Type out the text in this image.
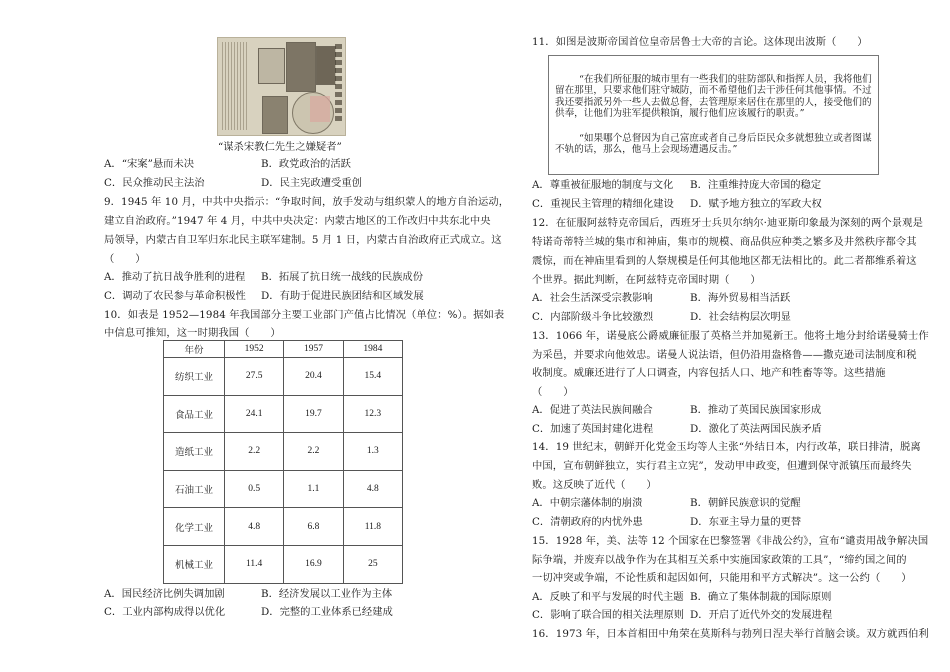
“谋杀宋教仁先生之嫌疑者”
A．“宋案”悬而未决	B．政党政治的活跃
C．民众推动民主法治	D．民主宪政遭受重创
9．1945 年 10 月，中共中央指示：“争取时间，放手发动与组织蒙人的地方自治运动，
建立自治政府。”1947 年 4 月，中共中央决定：内蒙古地区的工作改归中共东北中央
局领导，内蒙古自卫军归东北民主联军建制。5 月 1 日，内蒙古自治政府正式成立。这
（　　）
A．推动了抗日战争胜利的进程 B．拓展了抗日统一战线的民族成份
C．调动了农民参与革命积极性 D．有助于促进民族团结和区域发展
10．如表是 1952—1984 年我国部分主要工业部门产值占比情况（单位：%）。据如表
中信息可推知，这一时期我国（　　）
年份	1952	1957	1984
纺织工业	27.5	20.4	15.4
食品工业	24.1	19.7	12.3
造纸工业	2.2	2.2	1.3
石油工业	0.5	1.1	4.8
化学工业	4.8	6.8	11.8
机械工业	11.4	16.9	25
A．国民经济比例失调加剧	B．经济发展以工业作为主体
C．工业内部构成得以优化	D．完整的工业体系已经建成
11．如图是波斯帝国首位皇帝居鲁士大帝的言论。这体现出波斯（　　）

“在我们所征服的城市里有一些我们的驻防部队和指挥人员，我将他们留在那里，只要求他们驻守城防，而不希望他们去干涉任何其他事情。不过我还要指派另外一些人去做总督，去管理原来居住在那里的人，接受他们的供奉，让他们为驻军提供粮饷，履行他们应该履行的职责。”

“如果哪个总督因为自己富庶或者自己身后臣民众多就想独立或者图谋不轨的话，那么，他马上会现场遭遇反击。”

A．尊重被征服地的制度与文化 B．注重维持庞大帝国的稳定
C．重视民主管理的精细化建设 D．赋予地方独立的军政大权
12．在征服阿兹特克帝国后，西班牙士兵贝尔纳尔·迪亚斯印象最为深刻的两个景观是
特诺奇蒂特兰城的集市和神庙，集市的规模、商品供应种类之繁多及井然秩序都令其
震惊，而在神庙里看到的人祭规模是任何其他地区都无法相比的。此二者都维系着这
个世界。据此判断，在阿兹特克帝国时期（　　）
A．社会生活深受宗教影响	B．海外贸易相当活跃
C．内部阶级斗争比较激烈	D．社会结构层次明显
13．1066 年，诺曼底公爵威廉征服了英格兰并加冕新王。他将土地分封给诺曼骑士作
为采邑，并要求向他效忠。诺曼人说法语，但仍沿用盎格鲁——撒克逊司法制度和税
收制度。威廉还进行了人口调查，内容包括人口、地产和牲畜等等。这些措施
（　　）
A．促进了英法民族间融合	B．推动了英国民族国家形成
C．加速了英国封建化进程	D．激化了英法两国民族矛盾
14．19 世纪末，朝鲜开化党金玉均等人主张“外结日本，内行改革，联日排清，脱离
中国，宣布朝鲜独立，实行君主立宪”，发动甲申政变，但遭到保守派镇压而最终失
败。这反映了近代（　　）
A．中朝宗藩体制的崩溃	B．朝鲜民族意识的觉醒
C．清朝政府的内忧外患	D．东亚主导力量的更替
15．1928 年，美、法等 12 个国家在巴黎签署《非战公约》，宣布“谴责用战争解决国
际争端，并废弃以战争作为在其相互关系中实施国家政策的工具”，“缔约国之间的
一切冲突或争端，不论性质和起因如何，只能用和平方式解决”。这一公约（　　）
A．反映了和平与发展的时代主题 B．确立了集体制裁的国际原则
C．影响了联合国的相关法理原则 D．开启了近代外交的发展进程
16．1973 年，日本首相田中角荣在莫斯科与勃列日涅夫举行首脑会谈。双方就西伯利
